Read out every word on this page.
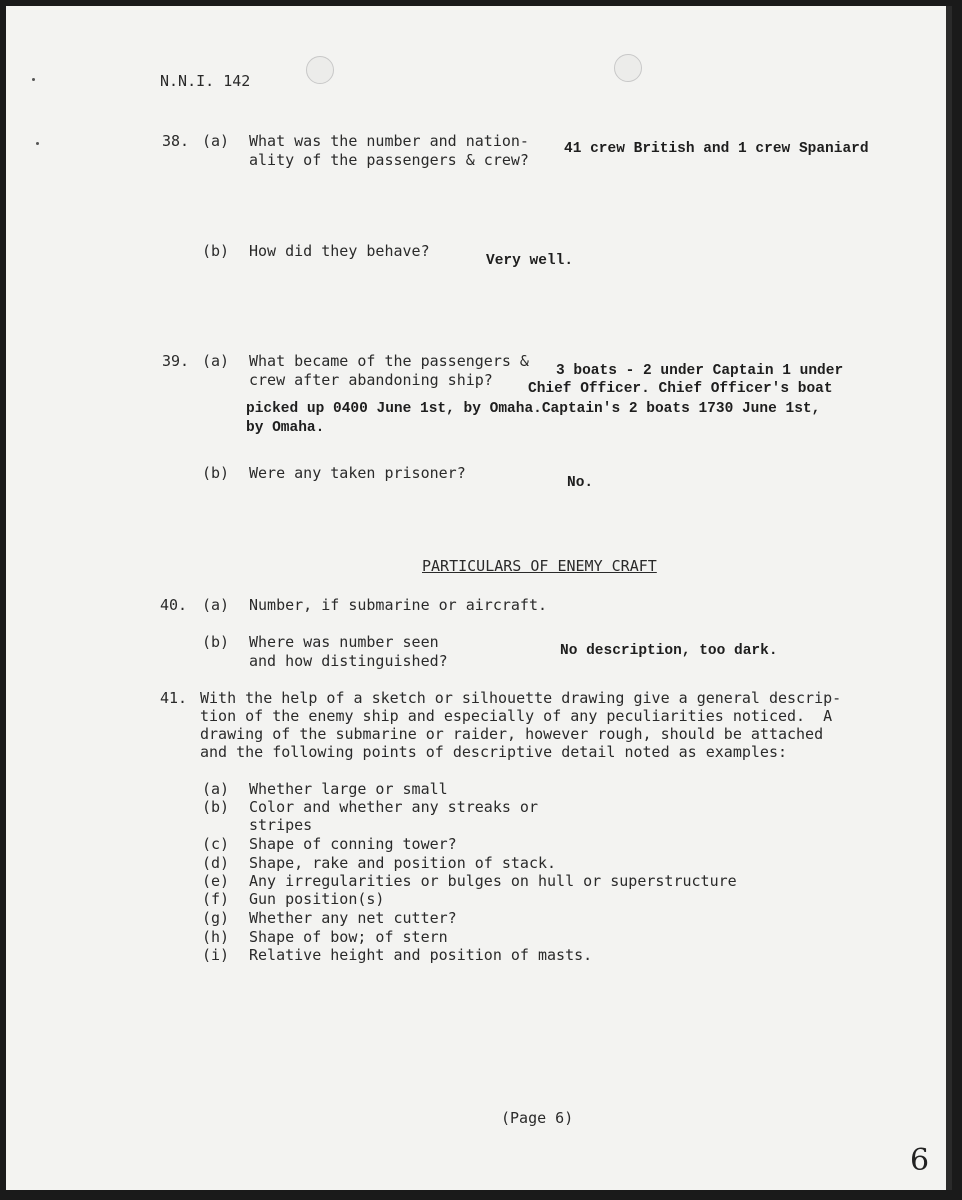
N.N.I. 142
38. (a) What was the number and nation-
ality of the passengers & crew?
41 crew British and 1 crew Spaniard
(b) How did they behave?
Very well.
39. (a) What became of the passengers &
crew after abandoning ship?	3 boats - 2 under Captain 1 under
Chief Officer. Chief Officer's boat
picked up 0400 June 1st, by Omaha.Captain's 2 boats 1730 June 1st,
by Omaha.
(b) Were any taken prisoner?
No.
PARTICULARS OF ENEMY CRAFT
40. (a) Number, if submarine or aircraft.
(b) Where was number seen
and how distinguished?
No description, too dark.
41. With the help of a sketch or silhouette drawing give a general descrip-
tion of the enemy ship and especially of any peculiarities noticed.  A
drawing of the submarine or raider, however rough, should be attached
and the following points of descriptive detail noted as examples:
(a) Whether large or small
(b) Color and whether any streaks or
stripes
(c) Shape of conning tower?
(d) Shape, rake and position of stack.
(e) Any irregularities or bulges on hull or superstructure
(f) Gun position(s)
(g) Whether any net cutter?
(h) Shape of bow; of stern
(i) Relative height and position of masts.
(Page 6)
6
